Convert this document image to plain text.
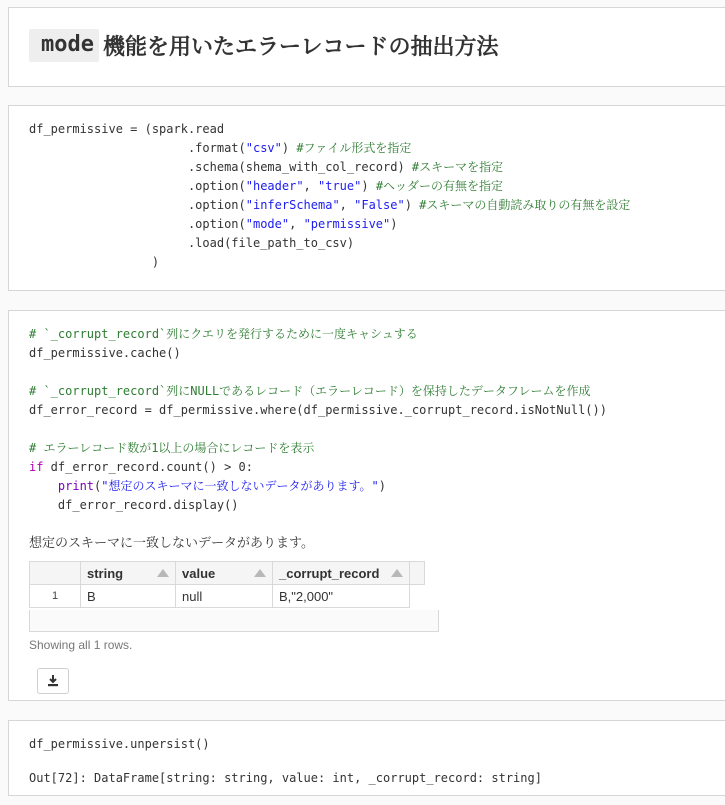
mode 機能を用いたエラーレコードの抽出方法
df_permissive = (spark.read
.format("csv") #ファイル形式を指定
.schema(shema_with_col_record) #スキーマを指定
.option("header", "true") #ヘッダーの有無を指定
.option("inferSchema", "False") #スキーマの自動読み取りの有無を設定
.option("mode", "permissive")
.load(file_path_to_csv)
)
# `_corrupt_record`列にクエリを発行するために一度キャシュする
df_permissive.cache()

# `_corrupt_record`列にNULLであるレコード（エラーレコード）を保持したデータフレームを作成
df_error_record = df_permissive.where(df_permissive._corrupt_record.isNotNull())

# エラーレコード数が1以上の場合にレコードを表示
if df_error_record.count() > 0:
print("想定のスキーマに一致しないデータがあります。")
df_error_record.display()
想定のスキーマに一致しないデータがあります。
	string	value	_corrupt_record

1	B	null	B,"2,000"	
Showing all 1 rows.
df_permissive.unpersist()
Out[72]: DataFrame[string: string, value: int, _corrupt_record: string]
